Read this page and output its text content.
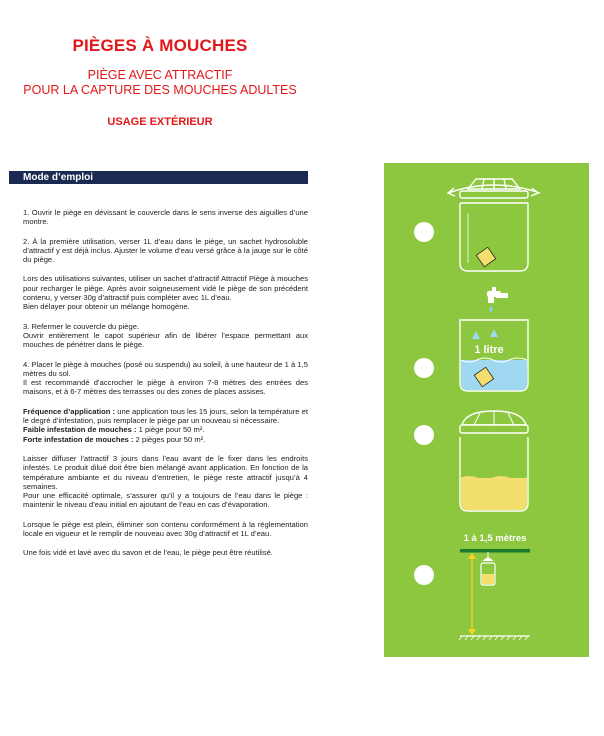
PIÈGES À MOUCHES
PIÈGE AVEC ATTRACTIF
POUR LA CAPTURE DES MOUCHES ADULTES
USAGE EXTÉRIEUR
Mode d’emploi

1. Ouvrir le piège en dévissant le couvercle dans le sens inverse des aiguilles d’une montre.

2. À la première utilisation, verser 1L d’eau dans le piège, un sachet hydrosoluble d’attractif y est déjà inclus. Ajuster le volume d’eau versé grâce à la jauge sur le côté du piège.

Lors des utilisations suivantes, utiliser un sachet d’attractif Attractif Piège à mouches pour recharger le piège. Après avoir soigneusement vidé le piège de son précédent contenu, y verser 30g d’attractif puis compléter avec 1L d’eau.
Bien délayer pour obtenir un mélange homogène.

3. Refermer le couvercle du piège.
Ouvrir entièrement le capot supérieur afin de libérer l’espace permettant aux mouches de pénétrer dans le piège.

4. Placer le piège à mouches (posé ou suspendu) au soleil, à une hauteur de 1 à 1,5 mètres du sol.
Il est recommandé d’accrocher le piège à environ 7-8 mètres des entrées des maisons, et à 6-7 mètres des terrasses ou des zones de places assises.

Fréquence d’application : une application tous les 15 jours, selon la température et le degré d’infestation, puis remplacer le piège par un nouveau si nécessaire.
Faible infestation de mouches : 1 piège pour 50 m².
Forte infestation de mouches : 2 pièges pour 50 m².

Laisser diffuser l’attractif 3 jours dans l’eau avant de le fixer dans les endroits infestés. Le produit dilué doit être bien mélangé avant application. En fonction de la température ambiante et du niveau d’entretien, le piège reste attractif jusqu’à 4 semaines.
Pour une efficacité optimale, s’assurer qu’il y a toujours de l’eau dans le piège : maintenir le niveau d’eau initial en ajoutant de l’eau en cas d’évaporation.

Lorsque le piège est plein, éliminer son contenu conformément à la réglementation locale en vigueur et le remplir de nouveau avec 30g d’attractif et 1L d’eau.

Une fois vidé et lavé avec du savon et de l’eau, le piège peut être réutilisé.

1 litre
1 à 1,5 mètres
